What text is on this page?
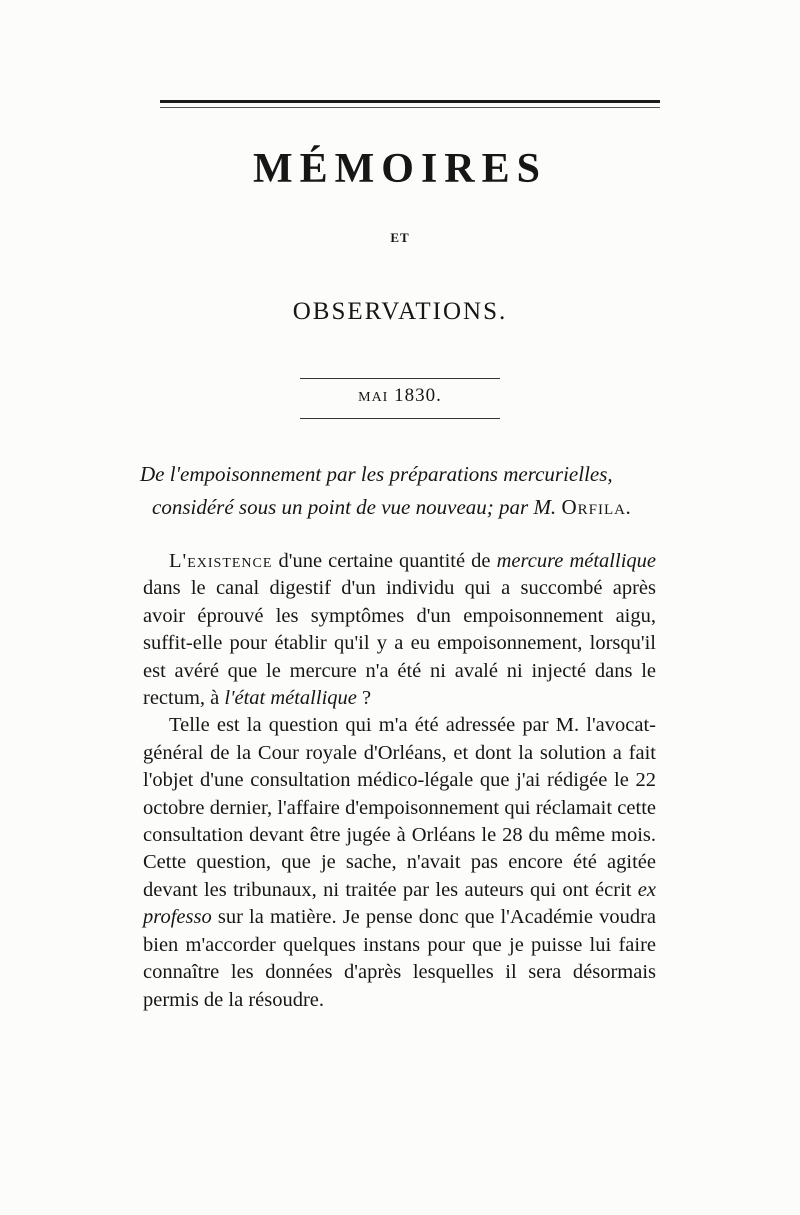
MÉMOIRES
ET
OBSERVATIONS.
MAI 1830.
De l'empoisonnement par les préparations mercurielles,
considéré sous un point de vue nouveau; par M. Orfila.

L'existence d'une certaine quantité de mercure métallique dans le canal digestif d'un individu qui a succombé après avoir éprouvé les symptômes d'un empoisonnement aigu, suffit-elle pour établir qu'il y a eu empoisonnement, lorsqu'il est avéré que le mercure n'a été ni avalé ni injecté dans le rectum, à l'état métallique ?

Telle est la question qui m'a été adressée par M. l'avocat-général de la Cour royale d'Orléans, et dont la solution a fait l'objet d'une consultation médico-légale que j'ai rédigée le 22 octobre dernier, l'affaire d'empoisonnement qui réclamait cette consultation devant être jugée à Orléans le 28 du même mois. Cette question, que je sache, n'avait pas encore été agitée devant les tribunaux, ni traitée par les auteurs qui ont écrit ex professo sur la matière. Je pense donc que l'Académie voudra bien m'accorder quelques instans pour que je puisse lui faire connaître les données d'après lesquelles il sera désormais permis de la résoudre.
